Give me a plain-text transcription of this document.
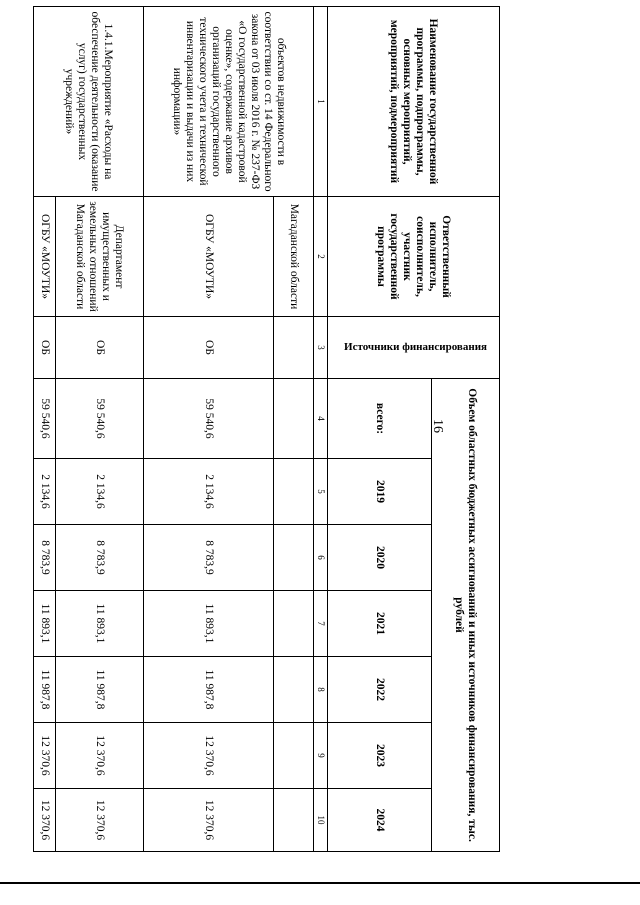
16
Наименование государственной программы, подпрограммы, основных мероприятий, мероприятий, подмероприятий	Ответственный исполнитель, соисполнитель, участник государственной программы	Источники финансирования	Объем областных бюджетных ассигнований и иных источников финансирования, тыс. рублей						
			всего:	2019	2020	2021	2022	2023	2024
1	2	3	4	5	6	7	8	9	10
объектов недвижимости в соответствии со ст. 14 Федерального закона от 03 июля 2016 г. № 237-ФЗ «О государственной кадастровой оценке», содержание архивов организаций государственного технического учета и технической инвентаризации и выдачи из них информации»	Магаданской области								
	ОГБУ «МОУТИ»	ОБ	59 540,6	2 134,6	8 783,9	11 893,1	11 987,8	12 370,6	12 370,6
1.4.1.Мероприятие «Расходы на обеспечение деятельности (оказание услуг) государственных учреждений»	Департамент имущественных и земельных отношений Магаданской области	ОБ	59 540,6	2 134,6	8 783,9	11 893,1	11 987,8	12 370,6	12 370,6
	ОГБУ «МОУТИ»	ОБ	59 540,6	2 134,6	8 783,9	11 893,1	11 987,8	12 370,6	12 370,6
